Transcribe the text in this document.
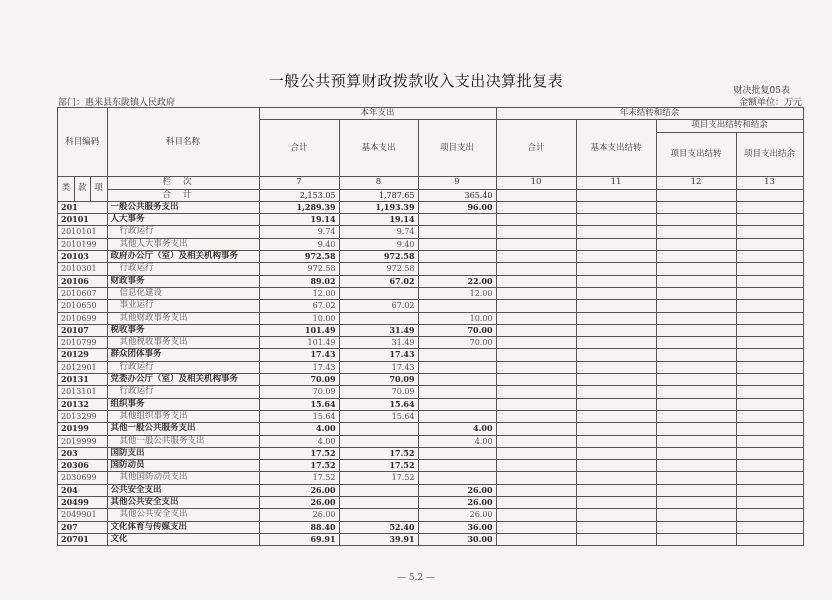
一般公共预算财政拨款收入支出决算批复表
财决批复05表
部门：惠来县东陇镇人民政府	金额单位：万元
科目编码			科目名称	本年支出			年末结转和结余			
				合计	基本支出	项目支出	合计	基本支出结转	项目支出结转和结余	
									项目支出结转	项目支出结余
类	款	项	栏次	7	8	9	10	11	12	13
			合计	2,153.05	1,787.65	365.40				
201			一般公共服务支出	1,289.39	1,193.39	96.00				
20101			人大事务	19.14	19.14					
2010101			行政运行	9.74	9.74					
2010199			其他人大事务支出	9.40	9.40					
20103			政府办公厅（室）及相关机构事务	972.58	972.58					
2010301			行政运行	972.58	972.58					
20106			财政事务	89.02	67.02	22.00				
2010607			信息化建设	12.00		12.00				
2010650			事业运行	67.02	67.02					
2010699			其他财政事务支出	10.00		10.00				
20107			税收事务	101.49	31.49	70.00				
2010799			其他税收事务支出	101.49	31.49	70.00				
20129			群众团体事务	17.43	17.43					
2012901			行政运行	17.43	17.43					
20131			党委办公厅（室）及相关机构事务	70.09	70.09					
2013101			行政运行	70.09	70.09					
20132			组织事务	15.64	15.64					
2013299			其他组织事务支出	15.64	15.64					
20199			其他一般公共服务支出	4.00		4.00				
2019999			其他一般公共服务支出	4.00		4.00				
203			国防支出	17.52	17.52					
20306			国防动员	17.52	17.52					
2030699			其他国防动员支出	17.52	17.52					
204			公共安全支出	26.00		26.00				
20499			其他公共安全支出	26.00		26.00				
2049901			其他公共安全支出	26.00		26.00				
207			文化体育与传媒支出	88.40	52.40	36.00				
20701			文化	69.91	39.91	30.00				
— 5.2 —
